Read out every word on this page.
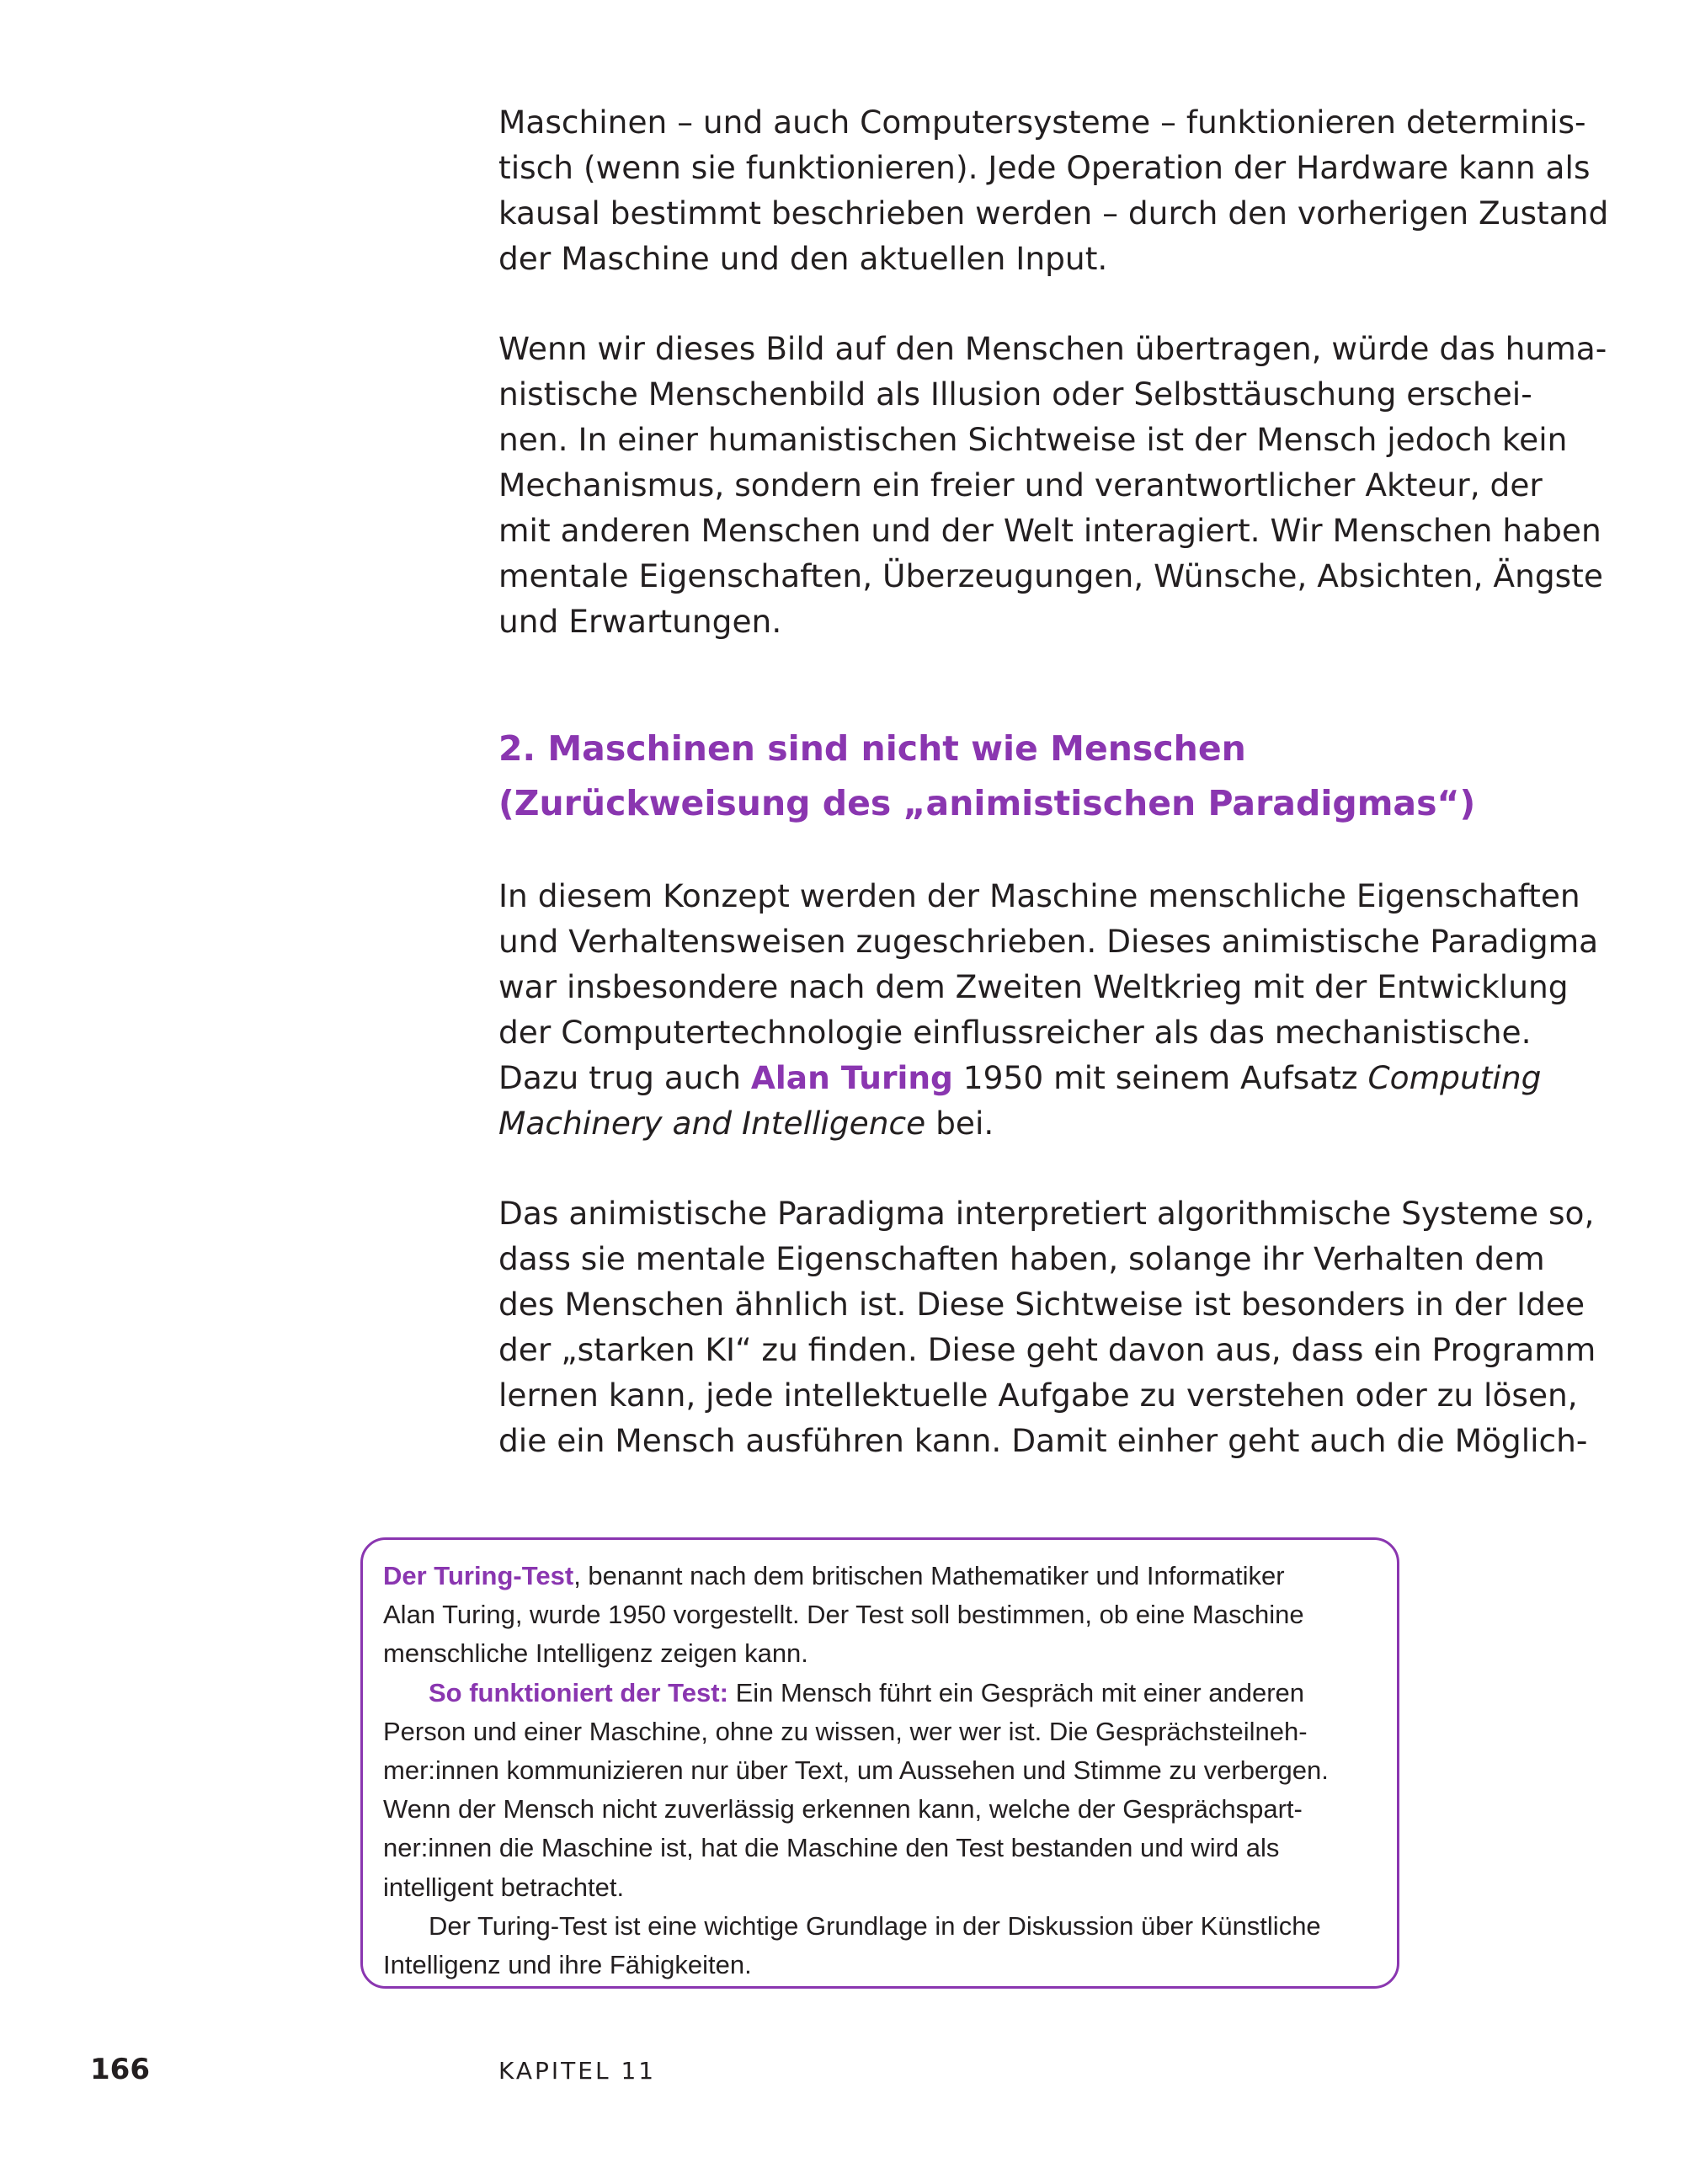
Maschinen – und auch Computersysteme – funktionieren determinis-
tisch (wenn sie funktionieren). Jede Operation der Hardware kann als
kausal bestimmt beschrieben werden – durch den vorherigen Zustand
der Maschine und den aktuellen Input.

Wenn wir dieses Bild auf den Menschen übertragen, würde das huma-
nistische Menschenbild als Illusion oder Selbsttäuschung erschei-
nen. In einer humanistischen Sichtweise ist der Mensch jedoch kein
Mechanismus, sondern ein freier und verantwortlicher Akteur, der
mit anderen Menschen und der Welt interagiert. Wir Menschen haben
mentale Eigenschaften, Überzeugungen, Wünsche, Absichten, Ängste
und Erwartungen.

2. Maschinen sind nicht wie Menschen
(Zurückweisung des „animistischen Paradigmas“)

In diesem Konzept werden der Maschine menschliche Eigenschaften
und Verhaltensweisen zugeschrieben. Dieses animistische Paradigma
war insbesondere nach dem Zweiten Weltkrieg mit der Entwicklung
der Computertechnologie einflussreicher als das mechanistische.
Dazu trug auch Alan Turing 1950 mit seinem Aufsatz Computing
Machinery and Intelligence bei.

Das animistische Paradigma interpretiert algorithmische Systeme so,
dass sie mentale Eigenschaften haben, solange ihr Verhalten dem
des Menschen ähnlich ist. Diese Sichtweise ist besonders in der Idee
der „starken KI“ zu finden. Diese geht davon aus, dass ein Programm
lernen kann, jede intellektuelle Aufgabe zu verstehen oder zu lösen,
die ein Mensch ausführen kann. Damit einher geht auch die Möglich-

Der Turing-Test, benannt nach dem britischen Mathematiker und Informatiker
Alan Turing, wurde 1950 vorgestellt. Der Test soll bestimmen, ob eine Maschine
menschliche Intelligenz zeigen kann.
So funktioniert der Test: Ein Mensch führt ein Gespräch mit einer anderen
Person und einer Maschine, ohne zu wissen, wer wer ist. Die Gesprächsteilneh-
mer:innen kommunizieren nur über Text, um Aussehen und Stimme zu verbergen.
Wenn der Mensch nicht zuverlässig erkennen kann, welche der Gesprächspart-
ner:innen die Maschine ist, hat die Maschine den Test bestanden und wird als
intelligent betrachtet.
Der Turing-Test ist eine wichtige Grundlage in der Diskussion über Künstliche
Intelligenz und ihre Fähigkeiten.
166	KAPITEL 11
